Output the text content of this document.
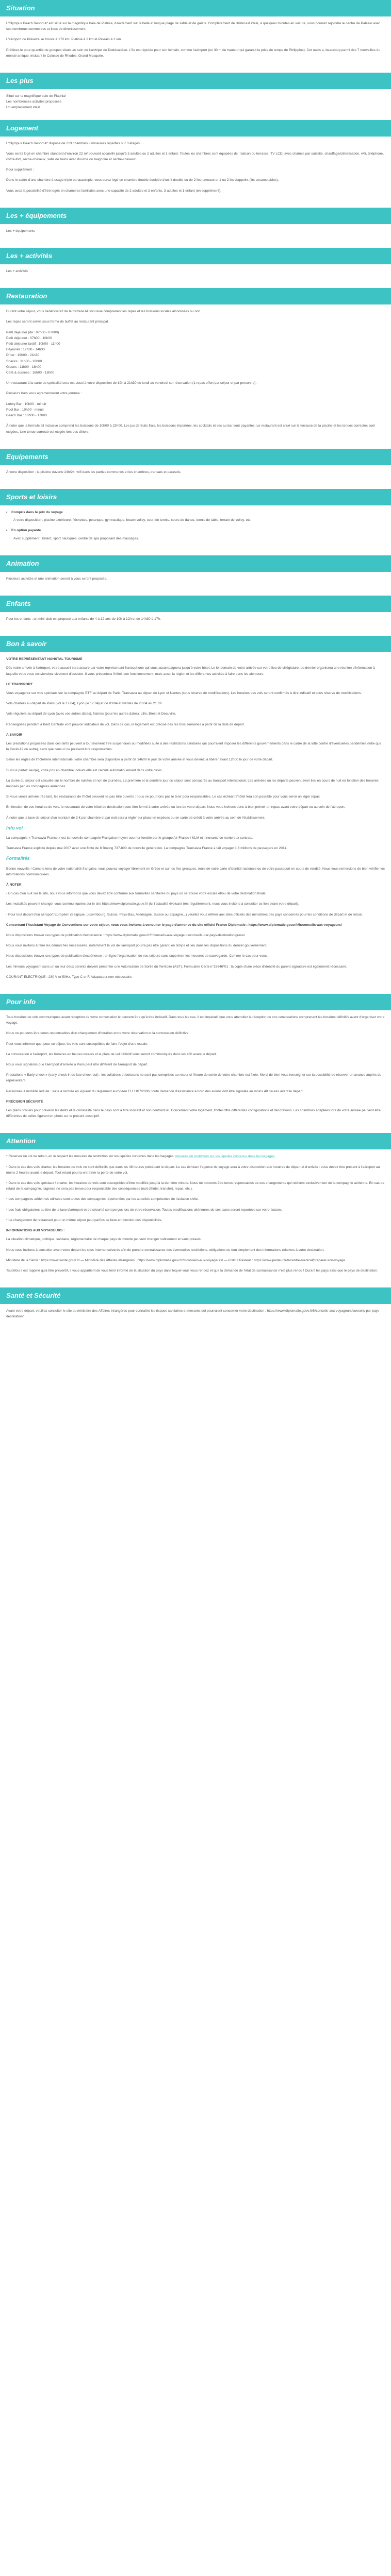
Situation

L'Olympus Beach Resort 4* est situé sur la magnifique baie de Platinia, directement sur la belle et longue plage de sable et de galets. Complètement de l'hôtel est idéal, à quelques minutes en voiture, vous pourrez rejoindre le centre de Paleaio avec ses nombreux commerces et lieux de divertissement.

L'aéroport de Prévéza se trouve à 170 km, Platinia à 2 km et Paleaio à 1 km.

Préférez-le pour quantité de groupes situés au sein de l'archipel de Dodécanèse. L'île est réputée pour son lointain, comme l'aéroport (en 30 m de hauteur qui garantit la prise de temps de Philippine). Cet oasis a, beaucoup parmi des 7 merveilles du monde antique, incluant le Colosse de Rhodes, Grand Mosquée.

Les plus
Situé sur la magnifique baie de Platinia!
Les nombreuses activités proposées
Un emplacement idéal
Logement

L'Olympus Beach Resort 4* dispose de 213 chambres lumineuses réparties sur 3 étages.

Vous serez logé en chambre standard d'environ 22 m² pouvant accueillir jusqu'à 3 adultes ou 2 adultes et 1 enfant. Toutes les chambres sont équipées de : balcon ou terrasse, TV LCD, avec chaînes par satellite, chauffage/climatisation, wifi, téléphone, coffre-fort, sèche-cheveux, salle de bains avec douche ou baignoire et sèche-cheveux.

Pour supplément :

Dans le cadre d'une chambre à usage triple ou quadruple, vous serez logé en chambre double équipée d'un lit double ou de 2 lits jumeaux et 1 ou 2 lits d'appoint (lits escamotables).

Vous avez la possibilité d'être logés en chambres familiales avec une capacité de 2 adultes et 2 enfants, 3 adultes et 1 enfant (en supplément).

Les + équipements

Les + équipements

Les + activités

Les + activités

Restauration

Durant votre séjour, vous bénéficierez de la formule All Inclusive comprenant les repas et les boissons locales alcoolisées ou non.

Les repas seront servis sous forme de buffet au restaurant principal.

Petit déjeuner (de : 07h00 - 07h00)
Petit déjeuner : 07h00 - 10h00
Petit déjeuner tardif : 10h00 - 11h00
Déjeuner : 12h30 - 14h30
Dîner : 19h00 - 21h30
Snacks : 11h00 - 16h00
Glaces : 11h00 - 18h00
Café & sucrées : 16h00 - 18h00

Un restaurant à la carte de spécialité sera est aussi à votre disposition de 19h à 21h30 du lundi au vendredi sur réservation (1 repas offert par séjour et par personne).

Plusieurs bars vous agrémenteront votre journée :

Lobby Bar : 10h00 - minuit
Pool Bar : 10h00 - minuit
Beach Bar : 10h00 - 17h00

À noter que la formule all inclusive comprend les boissons de 10h00 à 23h00. Les jus de fruits frais, les boissons importées, les cocktails et ses au bar sont payantes. Le restaurant est situé sur la terrasse de la piscine et les tenues correctes sont exigées. Une tenue correcte est exigée lors des dîners.

Equipements

À votre disposition : la piscine ouverte 24h/24, wifi dans les parties communes et les chambres, transats et parasols.

Sports et loisirs
• Compris dans le prix du voyage

À votre disposition : piscine extérieure, fléchettes, pétanque, gymnastique, beach volley, court de tennis, cours de danse, tennis de table, terrain de volley, etc.

• En option payante

Avec supplément : billard, sport nautiques, centre de spa proposant des massages.

Animation

Plusieurs activités et une animation seront à vous seront proposés.

Enfants

Pour les enfants : un mini-club est proposé aux enfants de 4 à 12 ans de 10h à 12h et de 14h30 à 17h.

Bon à savoir
VOTRE REPRÉSENTANT NONSTAL TOURISME

Dès votre arrivée à l'aéroport, votre accueil sera assuré par votre représentant francophone qui vous accompagnera jusqu'à votre hôtel. Le lendemain de votre arrivée sur votre lieu de villégiature, ou dernier organisera une réunion d'information à laquelle vous vous conviendrez vivement d'assister. Il vous présentera l'hôtel, son fonctionnement, mais aussi la région et les différentes activités à faire dans les alentours.

LE TRANSPORT

Vous voyagerez sur vols spéciaux sur la compagnie ETF au départ de Paris. Transavia au départ de Lyon et Nantes (sous réserve de modifications). Les horaires des vols seront confirmés à titre indicatif et sous réserve de modifications.

Vols charters au départ de Paris (vol le 17:04), Lyon (le 17:04) et de 03/04 et Nantes de 20:04 au 21:09

Vols réguliers au départ de Lyon (avec vos autres dates), Nantes (pour les autres dates), Lille, Brest et Deauville.

Renseignées pendant à Kent Centrale vont pouvoir indicateur de vol. Dans ce cas, le logement est précisé dès les trois semaines à partir de la date de départ.

A SAVOIR

Les prestations proposées dans ces tarifs peuvent à tout moment être suspendues ou modifiées suite à des restrictions sanitaires qui pourraient imposer les différents gouvernements dans le cadre de la lutte contre d'éventuelles pandémies (telle que la Covid-19 ou autre), sans que ceux-ci ne puissent être responsables.

Selon les règles de l'hôtellerie internationale, votre chambre sera disponible à partir de 14h00 le jour de votre arrivée et vous devrez la libérer avant 12h00 le jour de votre départ.

Si vous partez seul(e), votre prix en chambre individuelle est calculé automatiquement dans votre devis.

La durée du séjour est calculée sur le nombre de nuitées et non de journées. La première et la dernière jour du séjour sont consacrés au transport international. Les arrivées ou les départs peuvent avoir lieu en cours de nuit en fonction des horaires imposés par les compagnies aériennes.

Si vous venez arrivée très tard, les restaurants de l'hôtel peuvent ne pas être ouverts : nous ne pourrions pas le tenir pour responsables. Le cas échéant l'hôtel fera son possible pour vous servir un léger repas.

En fonction de vos horaires de vols, le restaurant de votre hôtel de destination peut être fermé à votre arrivée ou lors de votre départ. Nous vous invitons donc à bien prévoir un repas avant votre départ ou au sein de l'aéroport.

À noter que la taxe de séjour d'un montant de 3 € par chambre et par nuit sera à régler sur place en espèces ou en carte de crédit à votre arrivée au sein de l'établissement.

Info vol

La compagnie « Transavia France » est la nouvelle compagnie Française moyen-courrier fondée par le groupe Air France / KLM et innovante ce nombreux contrats.

Transavia France exploite depuis mai 2007 avec une flotte de 8 Boeing 737-800 de nouvelle génération. La compagnie Transavia France a fait voyager 1,6 millions de passagers en 2011.

Formalités

Bonne nouvelle ! Compte tenu de votre nationalité française, vous pouvez voyager librement en Grèce et sur les îles grecques, muni de votre carte d'identité nationale ou de votre passeport en cours de validité. Nous vous remercions de bien vérifier les informations communiquées.

À NOTER

- En cas d'un nuit sur le site, nous vous informons que vous devez être conforme aux formalités sanitaires du pays où se trouve votre escale et/ou de votre destination finale.

Les modalités peuvent changer vous communiquées sur le site https://www.diplomatie.gouv.fr/ (ici l'actualité évoluant très régulièrement, nous vous invitons à consulter ce lien avant votre départ).

- Pour tout départ d'un aéroport Européen (Belgique, Luxembourg, Suisse, Pays-Bas, Allemagne, Suisse ou Espagne...) veuillez vous référer aux sites officiels des ministères des pays concernés pour les conditions de départ et de retour.

Concernant l'Assistant Voyage de Conventions sur votre séjour, nous vous invitons à consulter le page d'annonce du site officiel France Diplomatie : https://www.diplomatie.gouv.fr/fr/conseils-aux-voyageurs/

Nous dispositions trouver ces types de publication d'expérience : https://www.diplomatie.gouv.fr/fr/conseils-aux-voyageurs/conseils-par-pays-destination/grece/

Nous vous invitons à faire les démarches nécessaires, notamment le vol de l'aéroport pourra pas être garanti en temps et lieu dans les dispositions du dernier gouvernement.

Nous dispositions trouver ces types de publication d'expérience : en ligne l'organisation de vos séjours sans supprimer les mesures de sauvegarde. Comme le cas pour vous.

Les mineurs voyageant sans un ou leur deux parents doivent présenter une Autorisation de Sortie du Territoire (AST). Formulaire Cerfa n°15646*01 : la copie d'une pièce d'identité du parent signataire est également nécessaire.

COURANT ÉLECTRIQUE : 230 V et 50Hz. Type C et F. Adaptateur non nécessaire.

Pour info

Tous horaires de vols communiqués avant réception de votre convocation le peuvent être qu'à titre indicatif. Dans tous les cas, il est impératif que vous attendiez la réception de vos convocations comprenant les horaires définitifs avant d'organiser votre voyage.

Nous ne pouvons être tenus responsables d'un changement d'horaires entre votre réservation et la convocation définitive.

Pour vous informer que, pour ce séjour, les vols sont susceptibles de faire l'objet d'une escale.

La convocation à l'aéroport, les horaires en heures locales et la plate de vol définitif vous seront communiqués dans les 48h avant le départ.

Nous vous signalons que l'aéroport d'arrivée à Paris peut être différent de l'aéroport de départ.

Prestations « Early check » (early check-in ou late check-out) : les collations et boissons ne sont pas comprises au retour si l'heure de sortie de votre chambre est fixée. Merci de bien vous renseigner sur la possibilité de réserver en avance auprès du représentant.

Personnes à mobilité réduite : suite à l'entrée en vigueur du règlement européen EU 1107/2006, toute demande d'assistance à bord des avions doit être signalée au moins 48 heures avant le départ.

PRÉCISION SÉCURITÉ

Les plans officiels pour prévenir les délits et la criminalité dans le pays sont à titre indicatif et non contractuel. Concernant votre logement, l'hôtel offre différentes configurations et décorations. Les chambres adaptées lors de votre arrivée peuvent être différentes de celles figurant en photo sur le présent descriptif.

Attention

* Réserver un vol de retour, en le respect les mesures de restriction sur les liquides contenus dans les bagages. mesures de restriction sur les liquides contenus dans les bagages

* Dans le cas des vols charter, les horaires de vols ne sont définitifs que dans les 48 heures précédant le départ. Le cas échéant l'agence de voyage aura à votre disposition aux horaires de départ et d'arrivée : vous devez être présent à l'aéroport au moins 2 heures avant le départ. Tout retard pourra entraîner la perte de votre vol.

* Dans le cas des vols spéciaux / charter, les horaires de vols sont susceptibles d'être modifiés jusqu'à la dernière minute. Nous ne pouvons être tenus responsables de ces changements qui relèvent exclusivement de la compagnie aérienne. En cas de retard de la compagnie, l'agence ne sera pas tenue pour responsable des conséquences (nuit d'hôtel, transfert, repas, etc.).

* Les compagnies aériennes utilisées sont toutes des compagnies répertoriées par les autorités compétentes de l'aviation civile.

* Les frais obligatoires au titre de la taxe d'aéroport et de sécurité sont perçus lors de votre réservation. Toutes modifications ultérieures de ces taxes seront reportées sur votre facture.

* Le changement de restaurant pour un même séjour peut parfois se faire en fonction des disponibilités.

INFORMATIONS AUX VOYAGEURS :

La situation climatique, politique, sanitaire, réglementaire de chaque pays de monde peuvent changer subitement et sans préavis.

Nous vous invitons à consulter avant votre départ les sites Internet suivants afin de prendre connaissance des éventuelles restrictions, obligations ou tout simplement des informations relatives à votre destination.

Ministère de la Santé : https://www.sante.gouv.fr/ — Ministère des Affaires étrangères : https://www.diplomatie.gouv.fr/fr/conseils-aux-voyageurs/ — Institut Pasteur : https://www.pasteur.fr/fr/centre-medical/preparer-son-voyage

Toutefois il est rappelé qu'à titre préventif, il vous appartient de vous tenir informé de la situation du pays dans lequel vous vous rendez et que la demande de l'état de connaissance n'est plus rendu ! Durant les pays ainsi que le pays de destination.

Santé et Sécurité

Avant votre départ, veuillez consulter le site du ministère des Affaires étrangères pour connaître les risques sanitaires et mesures qui pourraient concerner votre destination : https://www.diplomatie.gouv.fr/fr/conseils-aux-voyageurs/conseils-par-pays-destination/
